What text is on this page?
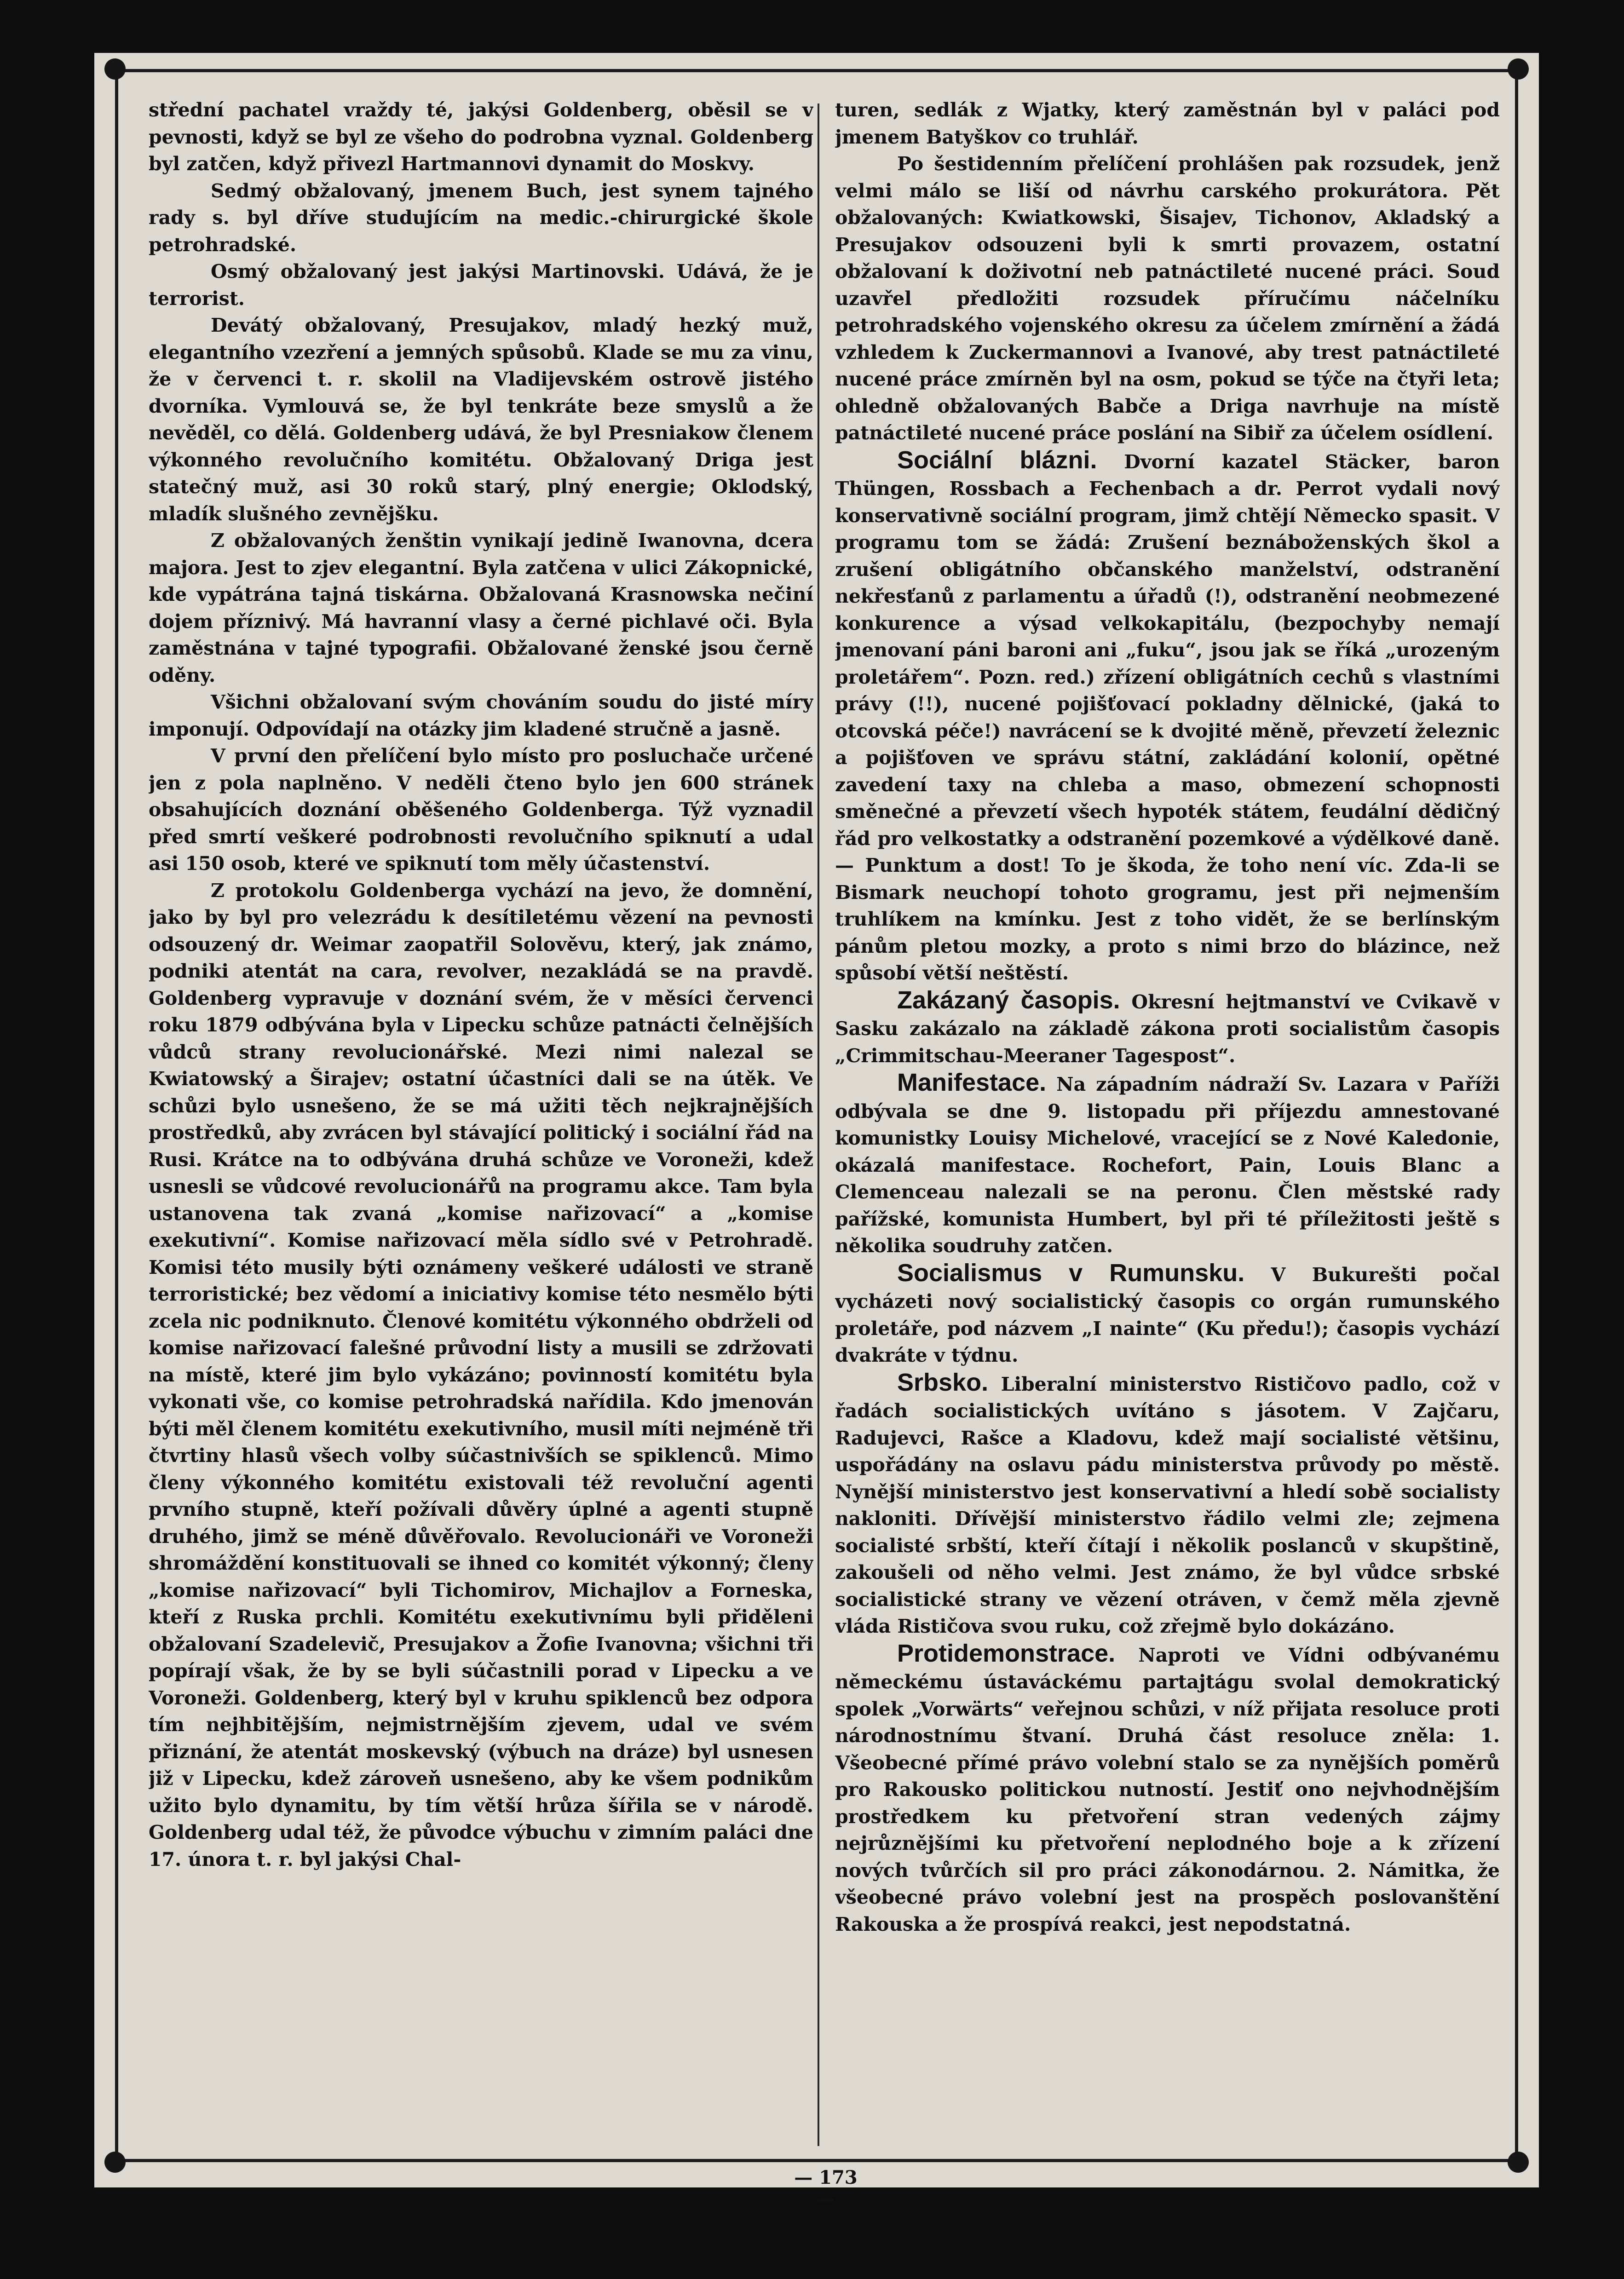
střední pachatel vraždy té, jakýsi Goldenberg, oběsil se v pevnosti, když se byl ze všeho do podrobna vyznal. Goldenberg byl zatčen, když přivezl Hartmannovi dynamit do Moskvy.

Sedmý obžalovaný, jmenem Buch, jest synem tajného rady s. byl dříve studujícím na medic.-chirurgické škole petrohradské.

Osmý obžalovaný jest jakýsi Martinovski. Udává, že je terrorist.

Devátý obžalovaný, Presujakov, mladý hezký muž, elegantního vzezření a jemných spůsobů. Klade se mu za vinu, že v červenci t. r. skolil na Vladijevském ostrově jistého dvorníka. Vymlouvá se, že byl tenkráte beze smyslů a že nevěděl, co dělá. Goldenberg udává, že byl Presniakow členem výkonného revolučního komitétu. Obžalovaný Driga jest statečný muž, asi 30 roků starý, plný energie; Oklodský, mladík slušného zevnějšku.

Z obžalovaných ženštin vynikají jedině Iwanovna, dcera majora. Jest to zjev elegantní. Byla zatčena v ulici Zákopnické, kde vypátrána tajná tiskárna. Obžalovaná Krasnowska nečiní dojem příznivý. Má havranní vlasy a černé pichlavé oči. Byla zaměstnána v tajné typografii. Obžalované ženské jsou černě oděny.

Všichni obžalovaní svým chováním soudu do jisté míry imponují. Odpovídají na otázky jim kladené stručně a jasně.

V první den přelíčení bylo místo pro posluchače určené jen z pola naplněno. V neděli čteno bylo jen 600 stránek obsahujících doznání oběšeného Goldenberga. Týž vyznadil před smrtí veškeré podrobnosti revolučního spiknutí a udal asi 150 osob, které ve spiknutí tom měly účastenství.

Z protokolu Goldenberga vychází na jevo, že domnění, jako by byl pro velezrádu k desítiletému vězení na pevnosti odsouzený dr. Weimar zaopatřil Solověvu, který, jak známo, podniki atentát na cara, revolver, nezakládá se na pravdě. Goldenberg vypravuje v doznání svém, že v měsíci červenci roku 1879 odbývána byla v Lipecku schůze patnácti čelnějších vůdců strany revolucionářské. Mezi nimi nalezal se Kwiatowský a Širajev; ostatní účastníci dali se na útěk. Ve schůzi bylo usnešeno, že se má užiti těch nejkrajnějších prostředků, aby zvrácen byl stávající politický i sociální řád na Rusi. Krátce na to odbývána druhá schůze ve Voroneži, kdež usnesli se vůdcové revolucionářů na programu akce. Tam byla ustanovena tak zvaná „komise nařizovací“ a „komise exekutivní“. Komise nařizovací měla sídlo své v Petrohradě. Komisi této musily býti oznámeny veškeré události ve straně terroristické; bez vědomí a iniciativy komise této nesmělo býti zcela nic podniknuto. Členové komitétu výkonného obdrželi od komise nařizovací falešné průvodní listy a musili se zdržovati na místě, které jim bylo vykázáno; povinností komitétu byla vykonati vše, co komise petrohradská nařídila. Kdo jmenován býti měl členem komitétu exekutivního, musil míti nejméně tři čtvrtiny hlasů všech volby súčastnivších se spiklenců. Mimo členy výkonného komitétu existovali též revoluční agenti prvního stupně, kteří požívali důvěry úplné a agenti stupně druhého, jimž se méně důvěřovalo. Revolucionáři ve Voroneži shromáždění konstituovali se ihned co komitét výkonný; členy „komise nařizovací“ byli Tichomirov, Michajlov a Forneska, kteří z Ruska prchli. Komitétu exekutivnímu byli přiděleni obžalovaní Szadelevič, Presujakov a Žofie Ivanovna; všichni tři popírají však, že by se byli súčastnili porad v Lipecku a ve Voroneži. Goldenberg, který byl v kruhu spiklenců bez odpora tím nejhbitějším, nejmistrnějším zjevem, udal ve svém přiznání, že atentát moskevský (výbuch na dráze) byl usnesen již v Lipecku, kdež zároveň usnešeno, aby ke všem podnikům užito bylo dynamitu, by tím větší hrůza šířila se v národě. Goldenberg udal též, že původce výbuchu v zimním paláci dne 17. února t. r. byl jakýsi Chal-

turen, sedlák z Wjatky, který zaměstnán byl v paláci pod jmenem Batyškov co truhlář.

Po šestidenním přelíčení prohlášen pak rozsudek, jenž velmi málo se liší od návrhu carského prokurátora. Pět obžalovaných: Kwiatkowski, Šisajev, Tichonov, Akladský a Presujakov odsouzeni byli k smrti provazem, ostatní obžalovaní k doživotní neb patnáctileté nucené práci. Soud uzavřel předložiti rozsudek příručímu náčelníku petrohradského vojenského okresu za účelem zmírnění a žádá vzhledem k Zuckermannovi a Ivanové, aby trest patnáctileté nucené práce zmírněn byl na osm, pokud se týče na čtyři leta; ohledně obžalovaných Babče a Driga navrhuje na místě patnáctileté nucené práce poslání na Sibiř za účelem osídlení.

Sociální blázni. Dvorní kazatel Stäcker, baron Thüngen, Rossbach a Fechenbach a dr. Perrot vydali nový konservativně sociální program, jimž chtějí Německo spasit. V programu tom se žádá: Zrušení beznáboženských škol a zrušení obligátního občanského manželství, odstranění nekřesťanů z parlamentu a úřadů (!), odstranění neobmezené konkurence a výsad velkokapitálu, (bezpochyby nemají jmenovaní páni baroni ani „fuku“, jsou jak se říká „urozeným proletářem“. Pozn. red.) zřízení obligátních cechů s vlastními právy (!!), nucené pojišťovací pokladny dělnické, (jaká to otcovská péče!) navrácení se k dvojité měně, převzetí železnic a pojišťoven ve správu státní, zakládání kolonií, opětné zavedení taxy na chleba a maso, obmezení schopnosti směnečné a převzetí všech hypoték státem, feudální dědičný řád pro velkostatky a odstranění pozemkové a výdělkové daně. — Punktum a dost! To je škoda, že toho není víc. Zda-li se Bismark neuchopí tohoto grogramu, jest při nejmenším truhlíkem na kmínku. Jest z toho vidět, že se berlínským pánům pletou mozky, a proto s nimi brzo do blázince, než spůsobí větší neštěstí.

Zakázaný časopis. Okresní hejtmanství ve Cvikavě v Sasku zakázalo na základě zákona proti socialistům časopis „Crimmitschau-Meeraner Tagespost“.

Manifestace. Na západním nádraží Sv. Lazara v Paříži odbývala se dne 9. listopadu při příjezdu amnestované komunistky Louisy Michelové, vracející se z Nové Kaledonie, okázalá manifestace. Rochefort, Pain, Louis Blanc a Clemenceau nalezali se na peronu. Člen městské rady pařížské, komunista Humbert, byl při té příležitosti ještě s několika soudruhy zatčen.

Socialismus v Rumunsku. V Bukurešti počal vycházeti nový socialistický časopis co orgán rumunského proletáře, pod názvem „I nainte“ (Ku předu!); časopis vychází dvakráte v týdnu.

Srbsko. Liberalní ministerstvo Rističovo padlo, což v řadách socialistických uvítáno s jásotem. V Zajčaru, Radujevci, Rašce a Kladovu, kdež mají socialisté většinu, uspořádány na oslavu pádu ministerstva průvody po městě. Nynější ministerstvo jest konservativní a hledí sobě socialisty nakloniti. Dřívější ministerstvo řádilo velmi zle; zejmena socialisté srbští, kteří čítají i několik poslanců v skupštině, zakoušeli od něho velmi. Jest známo, že byl vůdce srbské socialistické strany ve vězení otráven, v čemž měla zjevně vláda Rističova svou ruku, což zřejmě bylo dokázáno.

Protidemonstrace. Naproti ve Vídni odbývanému německému ústaváckému partajtágu svolal demokratický spolek „Vorwärts“ veřejnou schůzi, v níž přijata resoluce proti národnostnímu štvaní. Druhá část resoluce zněla: 1. Všeobecné přímé právo volební stalo se za nynějších poměrů pro Rakousko politickou nutností. Jestiť ono nejvhodnějším prostředkem ku přetvoření stran vedených zájmy nejrůznějšími ku přetvoření neplodného boje a k zřízení nových tvůrčích sil pro práci zákonodárnou. 2. Námitka, že všeobecné právo volební jest na prospěch poslovanštění Rakouska a že prospívá reakci, jest nepodstatná.

— 173 —
